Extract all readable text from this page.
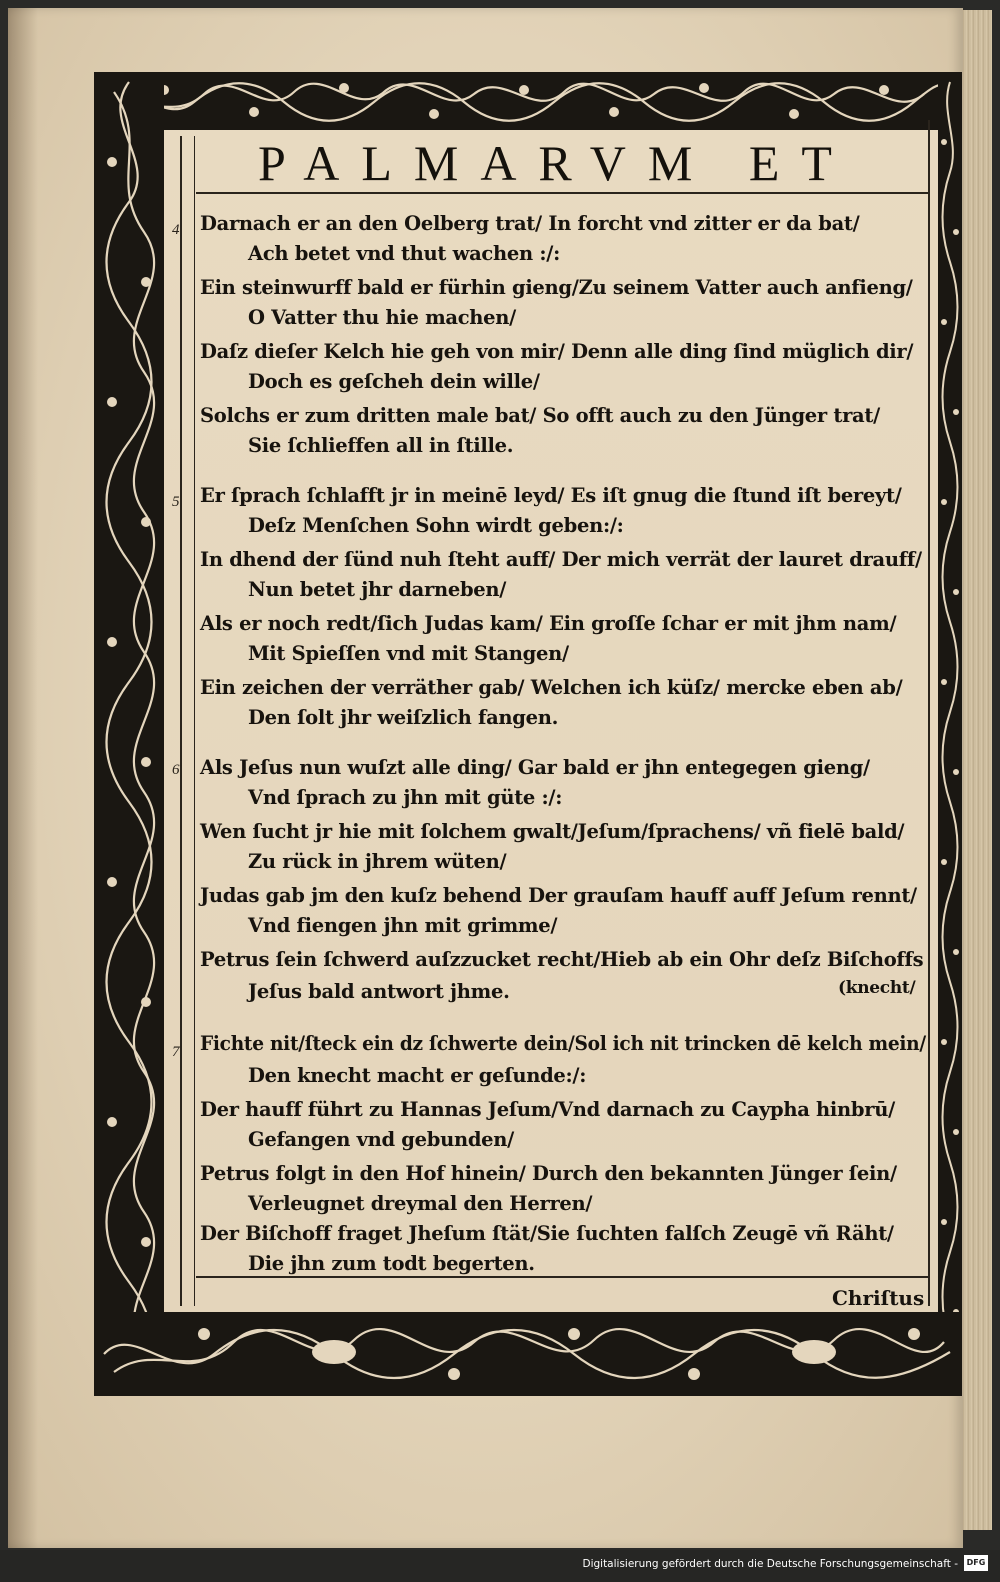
PALMARVM ET
4 Darnach er an den Oelberg trat/ In forcht vnd zitter er da bat/
Ach betet vnd thut wachen :/:
Ein steinwurff bald er fürhin gieng/Zu seinem Vatter auch anfieng/
O Vatter thu hie machen/
Daſz dieſer Kelch hie geh von mir/ Denn alle ding ſind müglich dir/
Doch es geſcheh dein wille/
Solchs er zum dritten male bat/ So offt auch zu den Jünger trat/
Sie ſchlieffen all in ſtille.
5 Er ſprach ſchlafft jr in meinē leyd/ Es iſt gnug die ſtund iſt bereyt/
Deſz Menſchen Sohn wirdt geben:/:
In dhend der ſünd nuh ſteht auff/ Der mich verrät der lauret drauff/
Nun betet jhr darneben/
Als er noch redt/ſich Judas kam/ Ein groſſe ſchar er mit jhm nam/
Mit Spieſſen vnd mit Stangen/
Ein zeichen der verräther gab/ Welchen ich küſz/ mercke eben ab/
Den ſolt jhr weiſzlich fangen.
6 Als Jeſus nun wuſzt alle ding/ Gar bald er jhn entegegen gieng/
Vnd ſprach zu jhn mit güte :/:
Wen ſucht jr hie mit ſolchem gwalt/Jeſum/ſprachens/ vñ fielē bald/
Zu rück in jhrem wüten/
Judas gab jm den kuſz behend Der grauſam hauff auff Jeſum rennt/
Vnd fiengen jhn mit grimme/
Petrus ſein ſchwerd auſzzucket recht/Hieb ab ein Ohr deſz Biſchoffs
Jeſus bald antwort jhme.	(knecht/
7 Fichte nit/ſteck ein dz ſchwerte dein/Sol ich nit trincken dē kelch mein/
Den knecht macht er geſunde:/:
Der hauff führt zu Hannas Jeſum/Vnd darnach zu Caypha hinbrū/
Gefangen vnd gebunden/
Petrus folgt in den Hof hinein/ Durch den bekannten Jünger ſein/
Verleugnet dreymal den Herren/
Der Biſchoff fraget Jheſum ſtät/Sie ſuchten falſch Zeugē vñ Räht/
Die jhn zum todt begerten.
Chriſtus
Digitalisierung gefördert durch die Deutsche Forschungsgemeinschaft -	DFG
